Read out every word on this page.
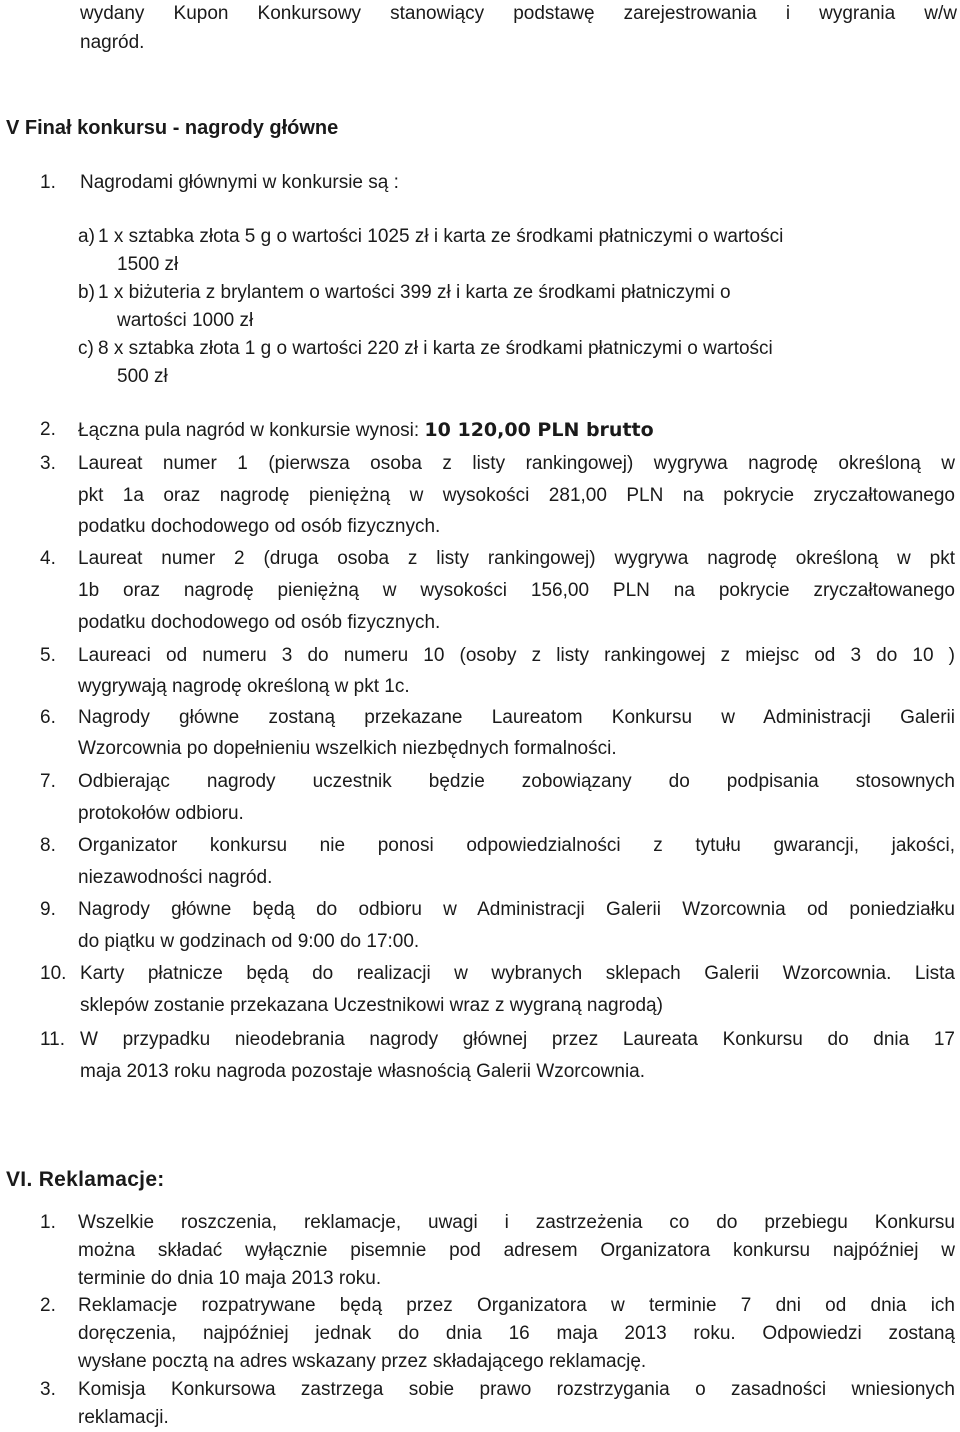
wydany Kupon Konkursowy stanowiący podstawę zarejestrowania i wygrania w/w
nagród.
V Finał konkursu - nagrody główne
1. Nagrodami głównymi w konkursie są :
a) 1 x sztabka złota 5 g o wartości 1025 zł i karta ze środkami płatniczymi o wartości
1500 zł
b) 1 x biżuteria z brylantem o wartości 399 zł i karta ze środkami płatniczymi o
wartości 1000 zł
c) 8 x sztabka złota 1 g o wartości 220 zł i karta ze środkami płatniczymi o wartości
500 zł
2. Łączna pula nagród w konkursie wynosi: 10 120,00 PLN brutto
3. Laureat numer 1 (pierwsza osoba z listy rankingowej) wygrywa nagrodę określoną w
pkt 1a oraz nagrodę pieniężną w wysokości 281,00 PLN na pokrycie zryczałtowanego
podatku dochodowego od osób fizycznych.
4. Laureat numer 2 (druga osoba z listy rankingowej) wygrywa nagrodę określoną w pkt
1b oraz nagrodę pieniężną w wysokości 156,00 PLN na pokrycie zryczałtowanego
podatku dochodowego od osób fizycznych.
5. Laureaci od numeru 3 do numeru 10 (osoby z listy rankingowej z miejsc od 3 do 10 )
wygrywają nagrodę określoną w pkt 1c.
6. Nagrody główne zostaną przekazane Laureatom Konkursu w Administracji Galerii
Wzorcownia po dopełnieniu wszelkich niezbędnych formalności.
7. Odbierając nagrody uczestnik będzie zobowiązany do podpisania stosownych
protokołów odbioru.
8. Organizator konkursu nie ponosi odpowiedzialności z tytułu gwarancji, jakości,
niezawodności nagród.
9. Nagrody główne będą do odbioru w Administracji Galerii Wzorcownia od poniedziałku
do piątku w godzinach od 9:00 do 17:00.
10. Karty płatnicze będą do realizacji w wybranych sklepach Galerii Wzorcownia. Lista
sklepów zostanie przekazana Uczestnikowi wraz z wygraną nagrodą)
11. W przypadku nieodebrania nagrody głównej przez Laureata Konkursu do dnia 17
maja 2013 roku nagroda pozostaje własnością Galerii Wzorcownia.
VI. Reklamacje:
1. Wszelkie roszczenia, reklamacje, uwagi i zastrzeżenia co do przebiegu Konkursu
można składać wyłącznie pisemnie pod adresem Organizatora konkursu najpóźniej w
terminie do dnia 10 maja 2013 roku.
2. Reklamacje rozpatrywane będą przez Organizatora w terminie 7 dni od dnia ich
doręczenia, najpóźniej jednak do dnia 16 maja 2013 roku. Odpowiedzi zostaną
wysłane pocztą na adres wskazany przez składającego reklamację.
3. Komisja Konkursowa zastrzega sobie prawo rozstrzygania o zasadności wniesionych
reklamacji.
